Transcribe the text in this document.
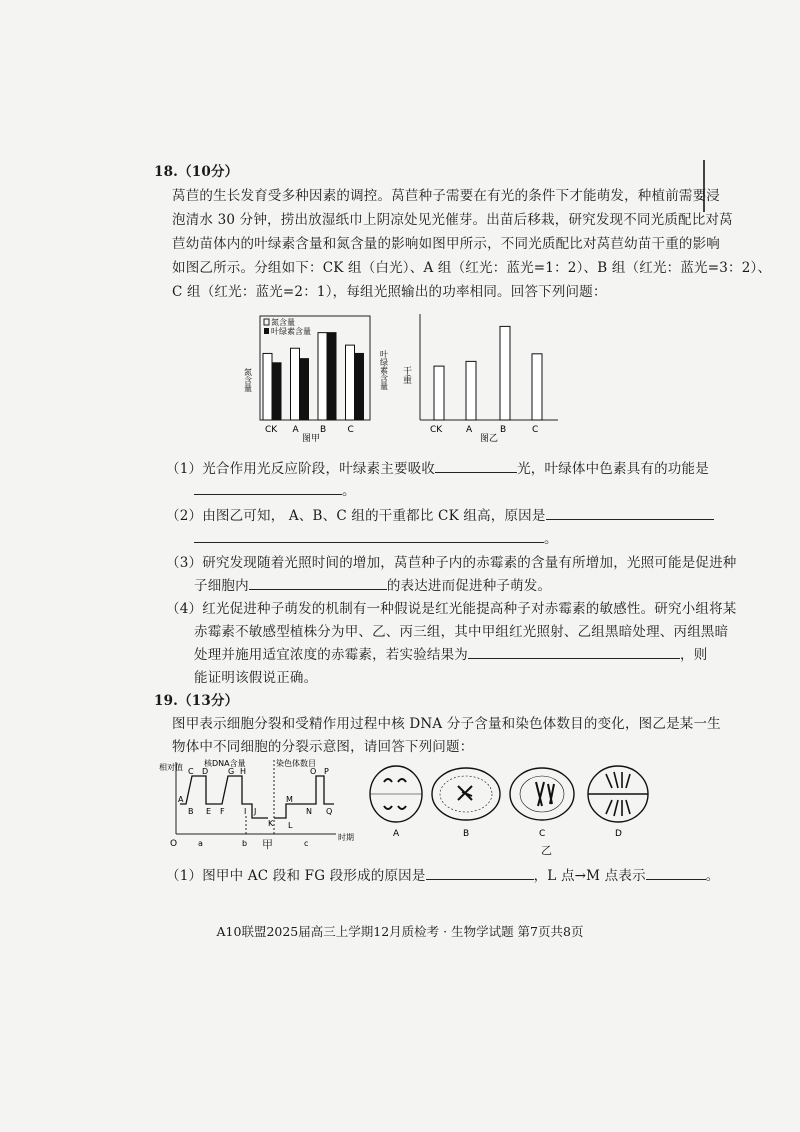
18.（10分）
莴苣的生长发育受多种因素的调控。莴苣种子需要在有光的条件下才能萌发，种植前需要浸
泡清水 30 分钟，捞出放湿纸巾上阴凉处见光催芽。出苗后移栽，研究发现不同光质配比对莴
苣幼苗体内的叶绿素含量和氮含量的影响如图甲所示，不同光质配比对莴苣幼苗干重的影响
如图乙所示。分组如下：CK 组（白光）、A 组（红光：蓝光=1：2）、B 组（红光：蓝光=3：2）、
C 组（红光：蓝光=2：1），每组光照输出的功率相同。回答下列问题：
CK A B C
氮含量	叶绿素含量
氮含量
叶绿素含量
图甲
干重
CK	A	B	C
图乙
（1）光合作用光反应阶段，叶绿素主要吸收	光，叶绿体中色素具有的功能是
。
（2）由图乙可知， A、B、C 组的干重都比 CK 组高，原因是
。
（3）研究发现随着光照时间的增加，莴苣种子内的赤霉素的含量有所增加，光照可能是促进种
子细胞内	的表达进而促进种子萌发。
（4）红光促进种子萌发的机制有一种假说是红光能提高种子对赤霉素的敏感性。研究小组将某
赤霉素不敏感型植株分为甲、乙、丙三组，其中甲组红光照射、乙组黑暗处理、丙组黑暗
处理并施用适宜浓度的赤霉素，若实验结果为	，则
能证明该假说正确。
19.（13分）
图甲表示细胞分裂和受精作用过程中核 DNA 分子含量和染色体数目的变化，图乙是某一生
物体中不同细胞的分裂示意图，请回答下列问题：
相对值
O
时期
核DNA含量	染色体数目
A
B
C D
E F
G H
I J
K L
M
N
O P
Q
a	b	c
甲
A	B	C	D
乙
（1）图甲中 AC 段和 FG 段形成的原因是	，L 点→M 点表示	。
A10联盟2025届高三上学期12月质检考 · 生物学试题 第7页共8页
